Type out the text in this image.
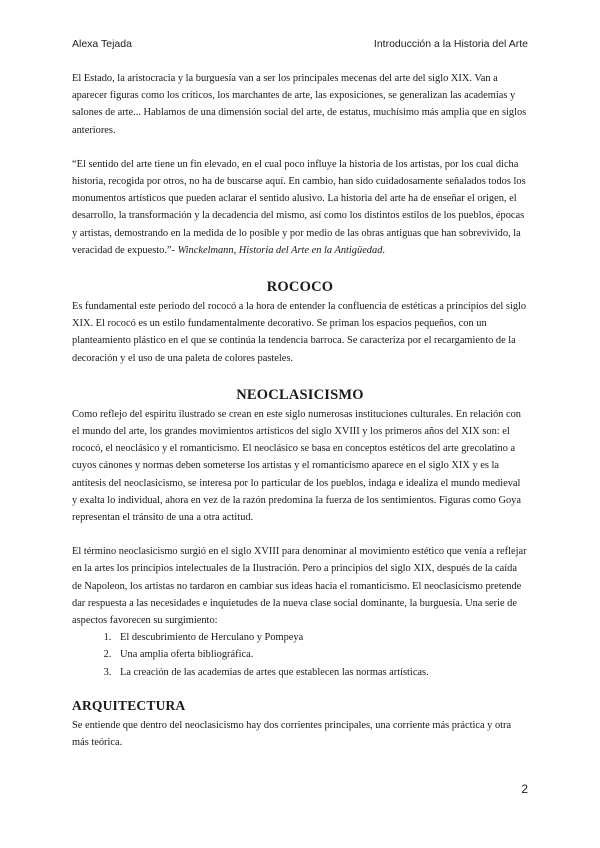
Alexa Tejada	Introducción a la Historia del Arte

El Estado, la aristocracia y la burguesía van a ser los principales mecenas del arte del siglo XIX. Van a aparecer figuras como los críticos, los marchantes de arte, las exposiciones, se generalizan las academias y salones de arte... Hablamos de una dimensión social del arte, de estatus, muchísimo más amplia que en siglos anteriores.

“El sentido del arte tiene un fin elevado, en el cual poco influye la historia de los artistas, por los cual dicha historia, recogida por otros, no ha de buscarse aquí. En cambio, han sido cuidadosamente señalados todos los monumentos artísticos que pueden aclarar el sentido alusivo. La historia del arte ha de enseñar el origen, el desarrollo, la transformación y la decadencia del mismo, así como los distintos estilos de los pueblos, épocas y artistas, demostrando en la medida de lo posible y por medio de las obras antiguas que han sobrevivido, la veracidad de expuesto.”- Winckelmann, Historia del Arte en la Antigüedad.

ROCOCO

Es fundamental este periodo del rococó a la hora de entender la confluencia de estéticas a principios del siglo XIX. El rococó es un estilo fundamentalmente decorativo. Se priman los espacios pequeños, con un planteamiento plástico en el que se continúa la tendencia barroca. Se caracteriza por el recargamiento de la decoración y el uso de una paleta de colores pasteles.

NEOCLASICISMO

Como reflejo del espíritu ilustrado se crean en este siglo numerosas instituciones culturales. En relación con el mundo del arte, los grandes movimientos artísticos del siglo XVIII y los primeros años del XIX son: el rococó, el neoclásico y el romanticismo. El neoclásico se basa en conceptos estéticos del arte grecolatino a cuyos cánones y normas deben someterse los artistas y el romanticismo aparece en el siglo XIX y es la antítesis del neoclasicismo, se interesa por lo particular de los pueblos, indaga e idealiza el mundo medieval y exalta lo individual, ahora en vez de la razón predomina la fuerza de los sentimientos. Figuras como Goya representan el tránsito de una a otra actitud.

El término neoclasicismo surgió en el siglo XVIII para denominar al movimiento estético que venía a reflejar en la artes los principios intelectuales de la Ilustración. Pero a principios del siglo XIX, después de la caída de Napoleon, los artistas no tardaron en cambiar sus ideas hacia el romanticismo. El neoclasicismo pretende dar respuesta a las necesidades e inquietudes de la nueva clase social dominante, la burguesía. Una serie de aspectos favorecen su surgimiento:

1. El descubrimiento de Herculano y Pompeya
2. Una amplia oferta bibliográfica.
3. La creación de las academias de artes que establecen las normas artísticas.
ARQUITECTURA

Se entiende que dentro del neoclasicismo hay dos corrientes principales, una corriente más práctica y otra más teórica.

2
